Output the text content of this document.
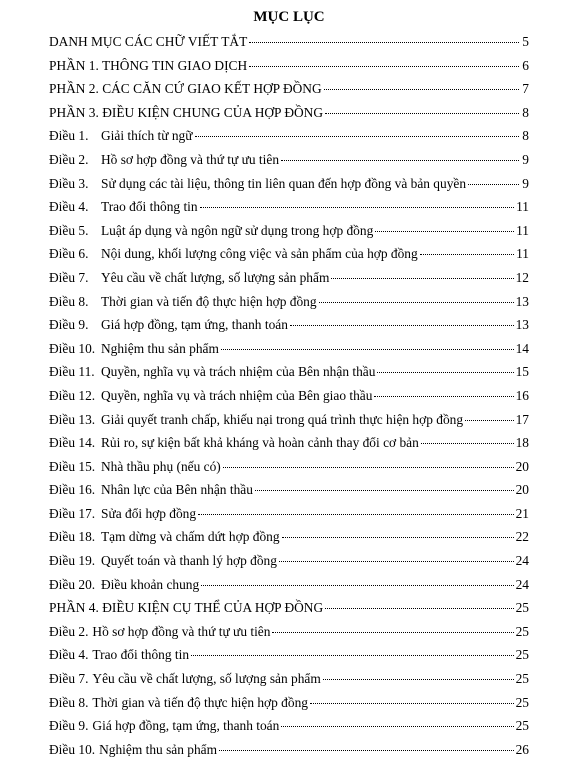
MỤC LỤC
DANH MỤC CÁC CHỮ VIẾT TẮT	5
PHẦN 1. THÔNG TIN GIAO DỊCH	6
PHẦN 2. CÁC CĂN CỨ GIAO KẾT HỢP ĐỒNG	7
PHẦN 3. ĐIỀU KIỆN CHUNG CỦA HỢP ĐỒNG	8
Điều 1. Giải thích từ ngữ	8
Điều 2. Hồ sơ hợp đồng và thứ tự ưu tiên	9
Điều 3. Sử dụng các tài liệu, thông tin liên quan đến hợp đồng và bản quyền	9
Điều 4. Trao đổi thông tin	11
Điều 5. Luật áp dụng và ngôn ngữ sử dụng trong hợp đồng	11
Điều 6. Nội dung, khối lượng công việc và sản phẩm của hợp đồng	11
Điều 7. Yêu cầu về chất lượng, số lượng sản phẩm	12
Điều 8. Thời gian và tiến độ thực hiện hợp đồng	13
Điều 9. Giá hợp đồng, tạm ứng, thanh toán	13
Điều 10. Nghiệm thu sản phẩm	14
Điều 11. Quyền, nghĩa vụ và trách nhiệm của Bên nhận thầu	15
Điều 12. Quyền, nghĩa vụ và trách nhiệm của Bên giao thầu	16
Điều 13. Giải quyết tranh chấp, khiếu nại trong quá trình thực hiện hợp đồng	17
Điều 14. Rủi ro, sự kiện bất khả kháng và hoàn cảnh thay đổi cơ bản	18
Điều 15. Nhà thầu phụ (nếu có)	20
Điều 16. Nhân lực của Bên nhận thầu	20
Điều 17. Sửa đổi hợp đồng	21
Điều 18. Tạm dừng và chấm dứt hợp đồng	22
Điều 19. Quyết toán và thanh lý hợp đồng	24
Điều 20. Điều khoản chung	24
PHẦN 4. ĐIỀU KIỆN CỤ THỂ CỦA HỢP ĐỒNG	25
Điều 2. Hồ sơ hợp đồng và thứ tự ưu tiên	25
Điều 4. Trao đổi thông tin	25
Điều 7. Yêu cầu về chất lượng, số lượng sản phẩm	25
Điều 8. Thời gian và tiến độ thực hiện hợp đồng	25
Điều 9. Giá hợp đồng, tạm ứng, thanh toán	25
Điều 10. Nghiệm thu sản phẩm	26
